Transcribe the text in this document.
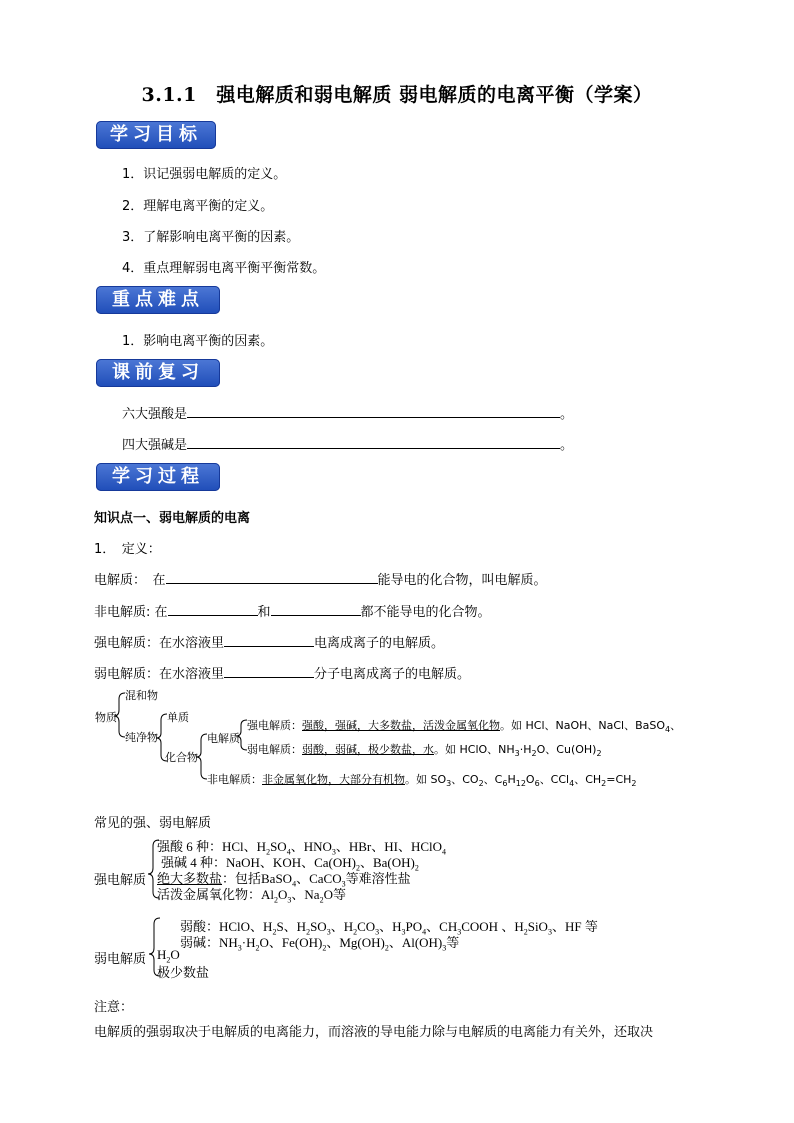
3.1.1　强电解质和弱电解质 弱电解质的电离平衡（学案）
学习目标
重点难点
课前复习
学习过程
1．识记强弱电解质的定义。
2．理解电离平衡的定义。
3．了解影响电离平衡的因素。
4．重点理解弱电离平衡平衡常数。
1．影响电离平衡的因素。
六大强酸是	。
四大强碱是	。
知识点一、弱电解质的电离
1．　定义：
电解质：　在	能导电的化合物，叫电解质。
非电解质: 在	和	都不能导电的化合物。
强电解质：在水溶液里	电离成离子的电解质。
弱电解质：在水溶液里	分子电离成离子的电解质。
物质
混和物
纯净物
单质
化合物
电解质
强电解质：强酸，强碱，大多数盐，活泼金属氧化物。如 HCl、NaOH、NaCl、BaSO$_4$、
弱电解质：弱酸，弱碱，极少数盐，水。如 HClO、$NH_3\cdot H_2O$、$Cu(OH)_2$
非电解质：非金属氧化物，大部分有机物。如 $SO_3$、$CO_2$、$C_6H_{12}O_6$、CCl$_4$、$CH_2=CH_2$
常见的强、弱电解质
强电解质
强酸 6 种：HCl、$H_2SO_4$、$HNO_3$、HBr、HI、HClO$_4$
强碱 4 种：NaOH、KOH、$Ca(OH)_2$、$Ba(OH)_2$
绝大多数盐：包括BaSO$_4$、CaCO$_3$等难溶性盐
活泼金属氧化物：$Al_2O_3$、$Na_2O$等
弱电解质
弱酸：HClO、$H_2S$、$H_2SO_3$、$H_2CO_3$、$H_3PO_4$、$CH_3COOH$ 、$H_2SiO_3$、HF 等
弱碱：$NH_3\cdot H_2O$、$Fe(OH)_2$、$Mg(OH)_2$、$Al(OH)_3$等
$H_2O$
极少数盐
注意：
电解质的强弱取决于电解质的电离能力，而溶液的导电能力除与电解质的电离能力有关外，还取决
